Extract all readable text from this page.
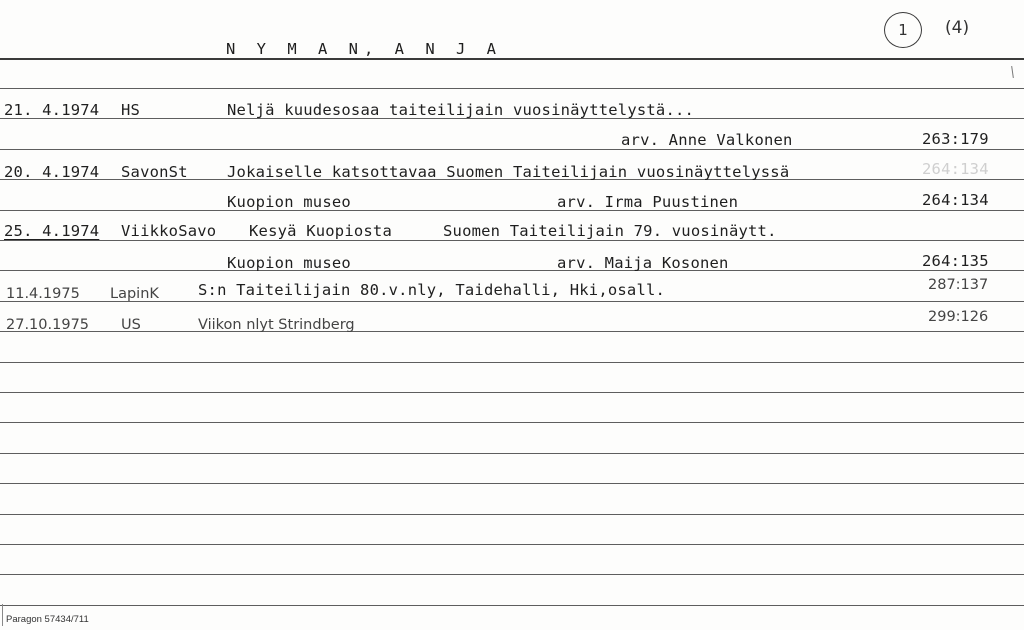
N Y M A N, A N J A
1 (4)
21. 4.1974 HS	Neljä kuudesosaa taiteilijain vuosinäyttelystä...
arv. Anne Valkonen	263:179
20. 4.1974 SavonSt	Jokaiselle katsottavaa Suomen Taiteilijain vuosinäyttelyssä	264:134
Kuopion museo	arv. Irma Puustinen	264:134
25. 4.1974 ViikkoSavo Kesyä Kuopiosta	Suomen Taiteilijain 79. vuosinäytt.
Kuopion museo	arv. Maija Kosonen	264:135
11.4.1975 LapinK	S:n Taiteilijain 80.v.nly, Taidehalli, Hki,osall.	287:137
27.10.1975 US	Viikon nlyt Strindberg	299:126
Paragon 57434/711
